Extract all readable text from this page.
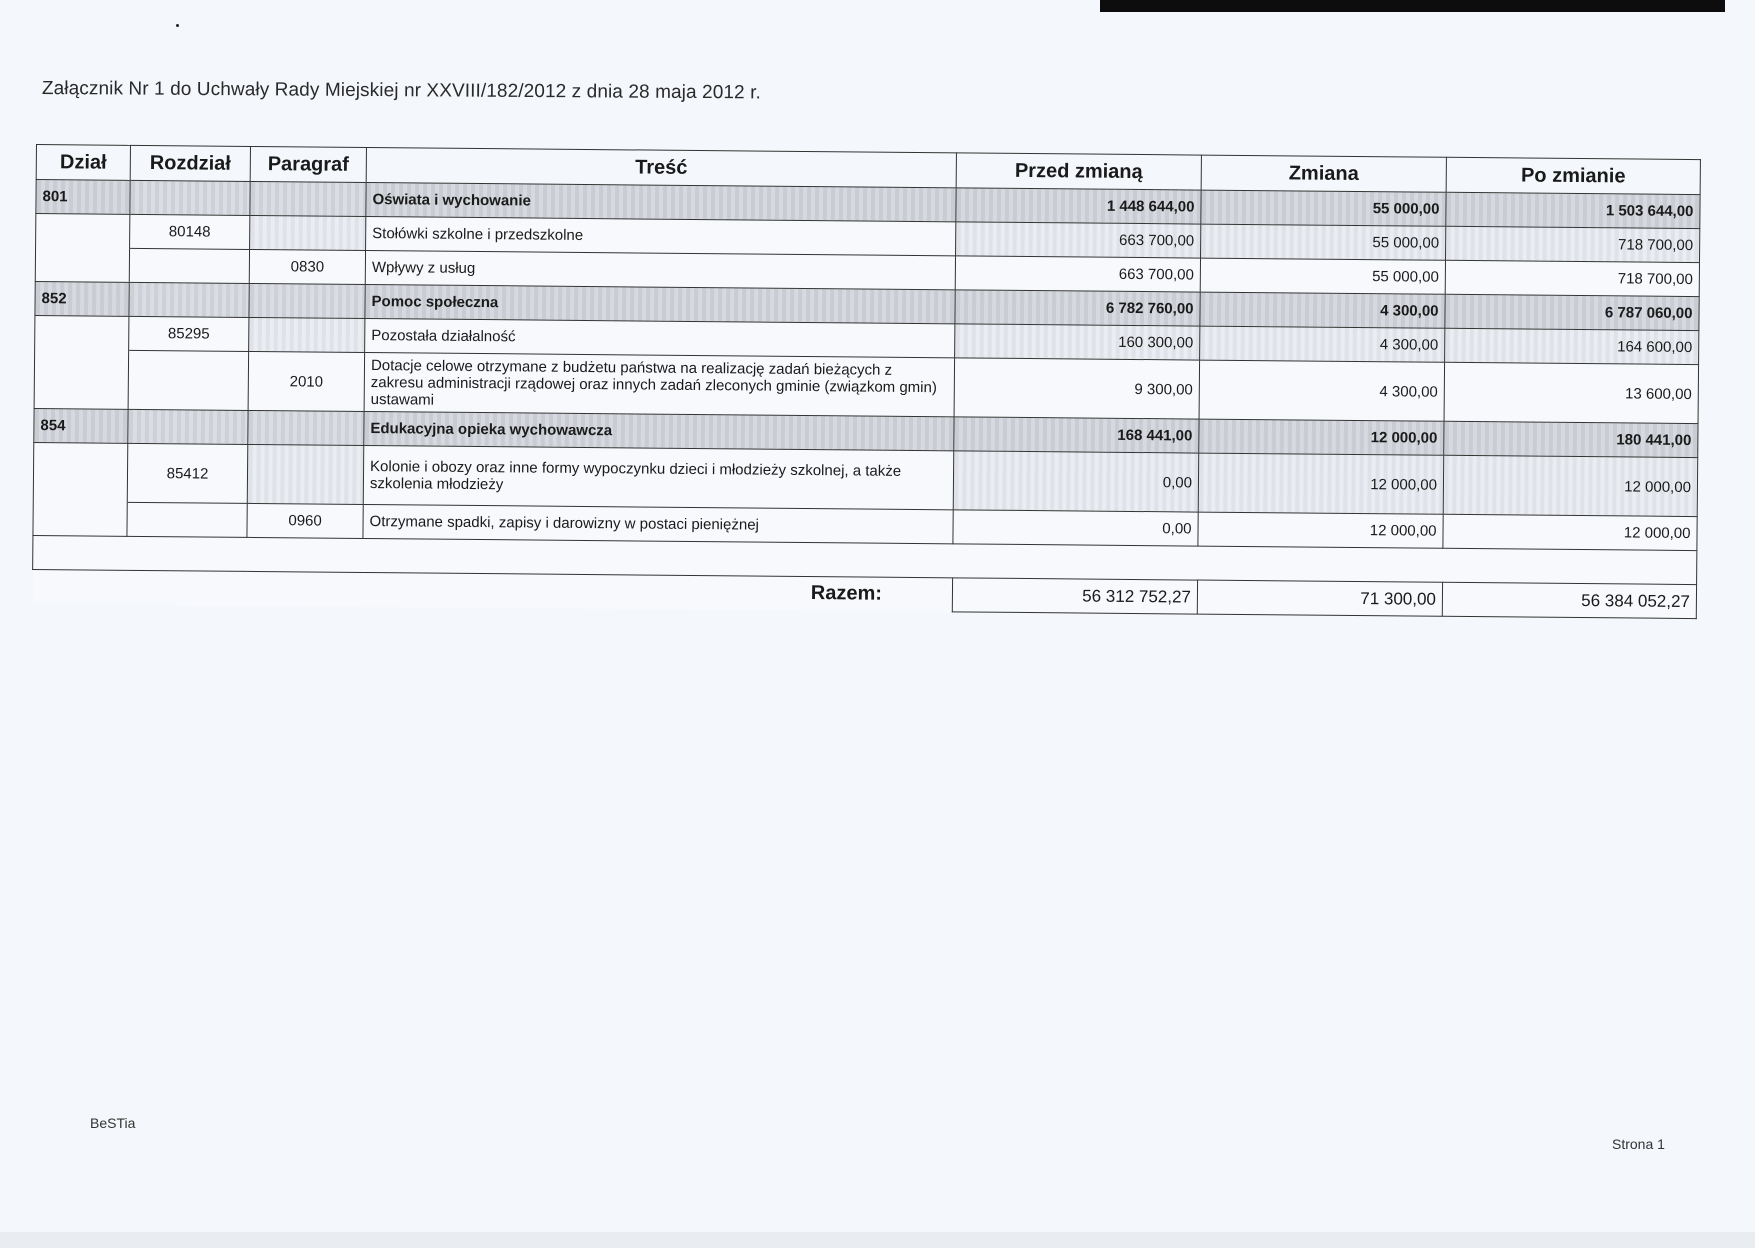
Załącznik Nr 1 do Uchwały Rady Miejskiej nr XXVIII/182/2012 z dnia 28 maja 2012 r.
Dział	Rozdział	Paragraf	Treść	Przed zmianą	Zmiana	Po zmianie
801			Oświata i wychowanie	1 448 644,00	55 000,00	1 503 644,00
	80148		Stołówki szkolne i przedszkolne	663 700,00	55 000,00	718 700,00
		0830	Wpływy z usług	663 700,00	55 000,00	718 700,00
852			Pomoc społeczna	6 782 760,00	4 300,00	6 787 060,00
	85295		Pozostała działalność	160 300,00	4 300,00	164 600,00
		2010	Dotacje celowe otrzymane z budżetu państwa na realizację zadań bieżących z zakresu administracji rządowej oraz innych zadań zleconych gminie (związkom gmin) ustawami	9 300,00	4 300,00	13 600,00
854			Edukacyjna opieka wychowawcza	168 441,00	12 000,00	180 441,00
	85412		Kolonie i obozy oraz inne formy wypoczynku dzieci i młodzieży szkolnej, a także szkolenia młodzieży	0,00	12 000,00	12 000,00
		0960	Otrzymane spadki, zapisy i darowizny w postaci pieniężnej	0,00	12 000,00	12 000,00

Razem:				56 312 752,27	71 300,00	56 384 052,27
BeSTia
Strona 1
